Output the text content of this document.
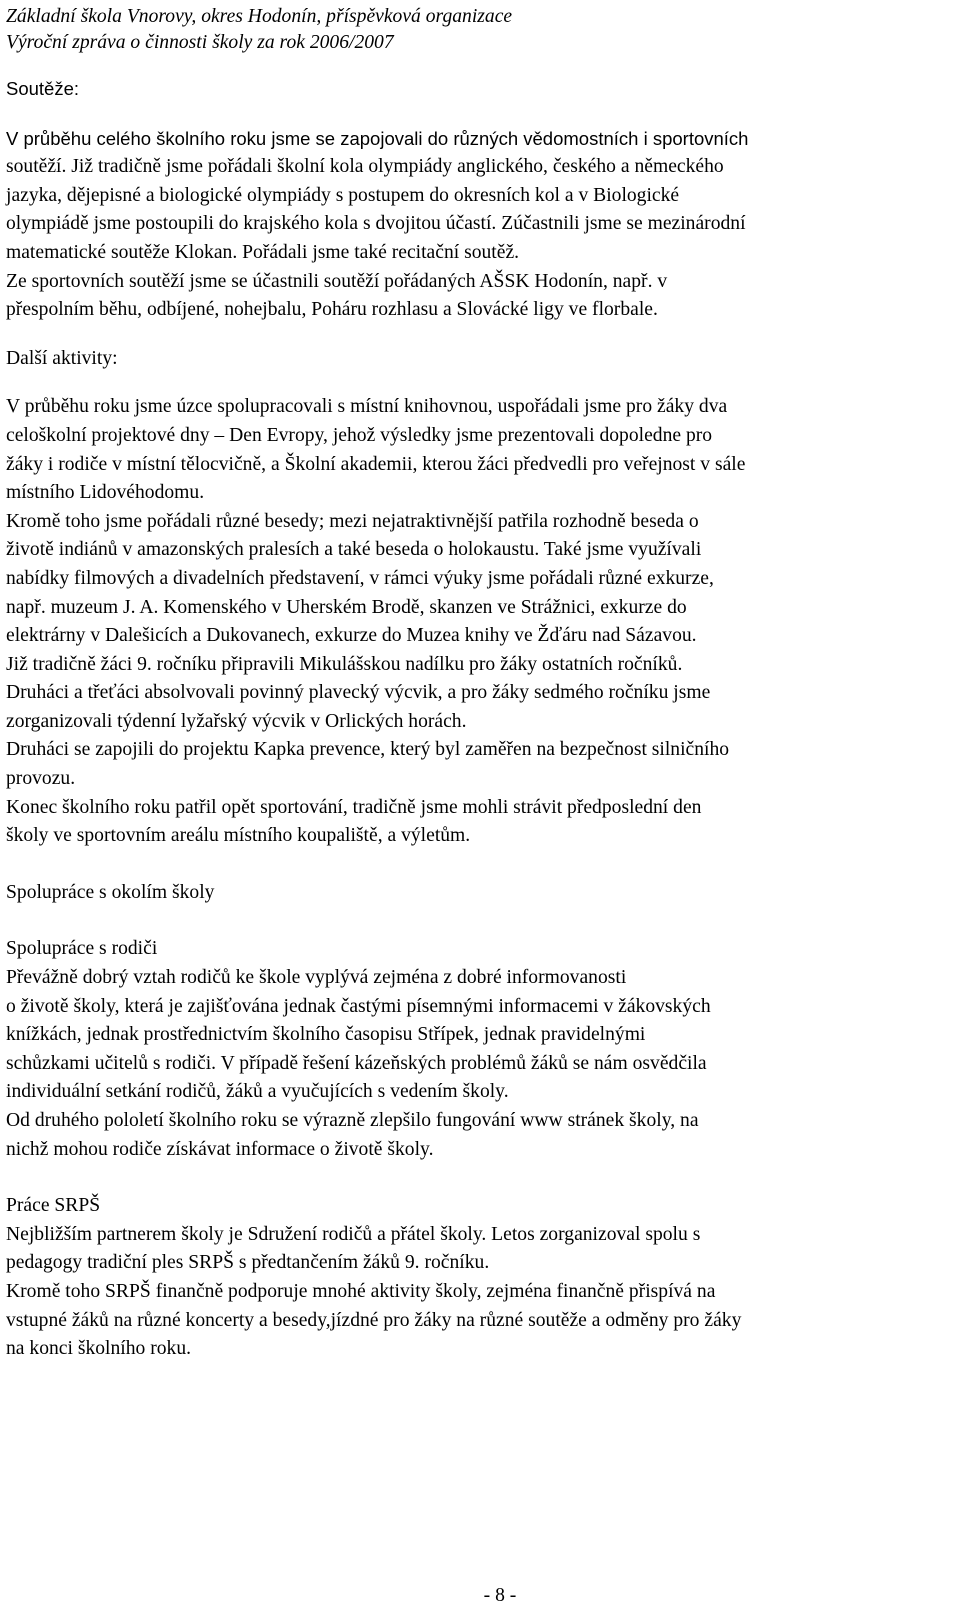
Základní škola Vnorovy, okres Hodonín, příspěvková organizace
Výroční zpráva o činnosti školy za rok 2006/2007

Soutěže:

V průběhu celého školního roku jsme se zapojovali do různých vědomostních i sportovních
soutěží. Již tradičně jsme pořádali školní kola olympiády anglického, českého a německého
jazyka, dějepisné a biologické olympiády s postupem do okresních kol a v Biologické
olympiádě jsme postoupili do krajského kola s dvojitou účastí. Zúčastnili jsme se mezinárodní
matematické soutěže Klokan. Pořádali jsme také recitační soutěž.
Ze sportovních soutěží jsme se účastnili soutěží pořádaných AŠSK Hodonín, např. v
přespolním běhu, odbíjené, nohejbalu, Poháru rozhlasu a Slovácké ligy ve florbale.

Další aktivity:

V průběhu roku jsme úzce spolupracovali s místní knihovnou, uspořádali jsme pro žáky dva
celoškolní projektové dny – Den Evropy, jehož výsledky jsme prezentovali dopoledne pro
žáky i rodiče v místní tělocvičně, a Školní akademii, kterou žáci předvedli pro veřejnost v sále
místního Lidovéhodomu.
Kromě toho jsme pořádali různé besedy; mezi nejatraktivnější patřila rozhodně beseda o
životě indiánů v amazonských pralesích a také beseda o holokaustu. Také jsme využívali
nabídky filmových a divadelních představení, v rámci výuky jsme pořádali různé exkurze,
např. muzeum J. A. Komenského v Uherském Brodě, skanzen ve Strážnici, exkurze do
elektrárny v Dalešicích a Dukovanech, exkurze do Muzea knihy ve Žďáru nad Sázavou.
Již tradičně žáci 9. ročníku připravili Mikulášskou nadílku pro žáky ostatních ročníků.
Druháci a třeťáci absolvovali povinný plavecký výcvik, a pro žáky sedmého ročníku jsme
zorganizovali týdenní lyžařský výcvik v Orlických horách.
Druháci se zapojili do projektu Kapka prevence, který byl zaměřen na bezpečnost silničního
provozu.
Konec školního roku patřil opět sportování, tradičně jsme mohli strávit předposlední den
školy ve sportovním areálu místního koupaliště, a výletům.

Spolupráce s okolím školy

Spolupráce s rodiči

Převážně dobrý vztah rodičů ke škole vyplývá zejména z dobré informovanosti
o životě školy, která je zajišťována jednak častými písemnými informacemi v žákovských
knížkách, jednak prostřednictvím školního časopisu Střípek, jednak pravidelnými
schůzkami učitelů s rodiči. V případě řešení kázeňských problémů žáků se nám osvědčila
individuální setkání rodičů, žáků a vyučujících s vedením školy.
Od druhého pololetí školního roku se výrazně zlepšilo fungování www stránek školy, na
nichž mohou rodiče získávat informace o životě školy.

Práce SRPŠ

Nejbližším partnerem školy je Sdružení rodičů a přátel školy. Letos zorganizoval spolu s
pedagogy tradiční ples SRPŠ s předtančením žáků 9. ročníku.
Kromě toho SRPŠ finančně podporuje mnohé aktivity školy, zejména finančně přispívá na
vstupné žáků na různé koncerty a besedy,jízdné pro žáky na různé soutěže a odměny pro žáky
na konci školního roku.
- 8 -
